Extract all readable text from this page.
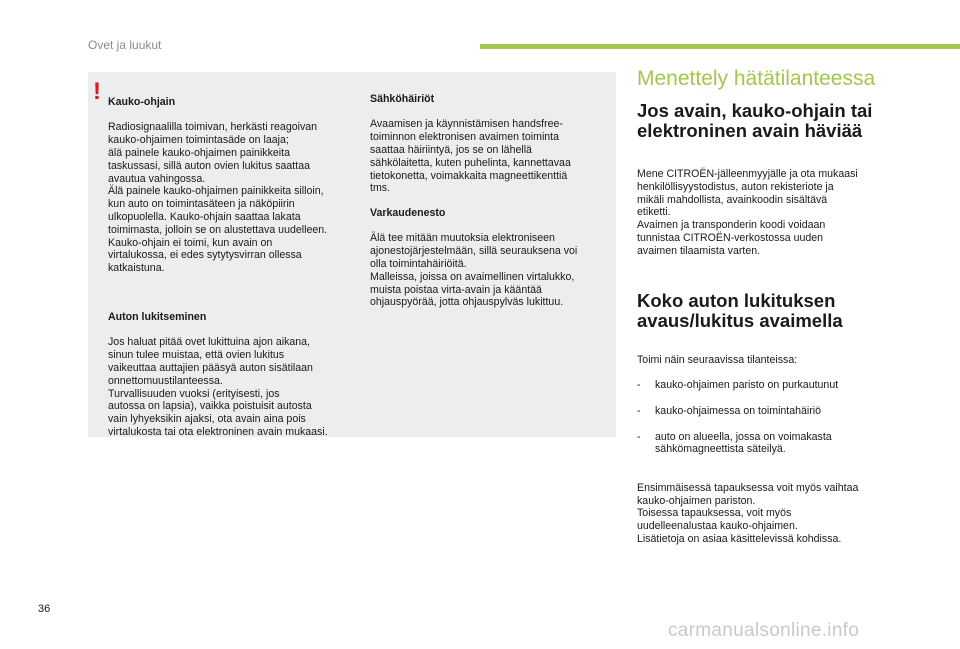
Ovet ja luukut
! Kauko-ohjain

Radiosignaalilla toimivan, herkästi reagoivan
kauko-ohjaimen toimintasäde on laaja;
älä painele kauko-ohjaimen painikkeita
taskussasi, sillä auton ovien lukitus saattaa
avautua vahingossa.
Älä painele kauko-ohjaimen painikkeita silloin,
kun auto on toimintasäteen ja näköpiirin
ulkopuolella. Kauko-ohjain saattaa lakata
toimimasta, jolloin se on alustettava uudelleen.
Kauko-ohjain ei toimi, kun avain on
virtalukossa, ei edes sytytysvirran ollessa
katkaistuna.

Auton lukitseminen

Jos haluat pitää ovet lukittuina ajon aikana,
sinun tulee muistaa, että ovien lukitus
vaikeuttaa auttajien pääsyä auton sisätilaan
onnettomuustilanteessa.
Turvallisuuden vuoksi (erityisesti, jos
autossa on lapsia), vaikka poistuisit autosta
vain lyhyeksikin ajaksi, ota avain aina pois
virtalukosta tai ota elektroninen avain mukaasi.

Sähköhäiriöt

Avaamisen ja käynnistämisen handsfree-
toiminnon elektronisen avaimen toiminta
saattaa häiriintyä, jos se on lähellä
sähkölaitetta, kuten puhelinta, kannettavaa
tietokonetta, voimakkaita magneettikenttiä
tms.

Varkaudenesto

Älä tee mitään muutoksia elektroniseen
ajonestojärjestelmään, sillä seurauksena voi
olla toimintahäiriöitä.
Malleissa, joissa on avaimellinen virtalukko,
muista poistaa virta-avain ja kääntää
ohjauspyörää, jotta ohjauspylväs lukittuu.

Menettely hätätilanteessa
Jos avain, kauko-ohjain tai
elektroninen avain häviää
Mene CITROËN-jälleenmyyjälle ja ota mukaasi
henkilöllisyystodistus, auton rekisteriote ja
mikäli mahdollista, avainkoodin sisältävä
etiketti.
Avaimen ja transponderin koodi voidaan
tunnistaa CITROËN-verkostossa uuden
avaimen tilaamista varten.
Koko auton lukituksen
avaus/lukitus avaimella

Toimi näin seuraavissa tilanteissa:

- kauko-ohjaimen paristo on purkautunut

- kauko-ohjaimessa on toimintahäiriö

- auto on alueella, jossa on voimakasta
sähkömagneettista säteilyä.

Ensimmäisessä tapauksessa voit myös vaihtaa
kauko-ohjaimen pariston.
Toisessa tapauksessa, voit myös
uudelleenalustaa kauko-ohjaimen.
Lisätietoja on asiaa käsittelevissä kohdissa.

36
carmanualsonline.info
